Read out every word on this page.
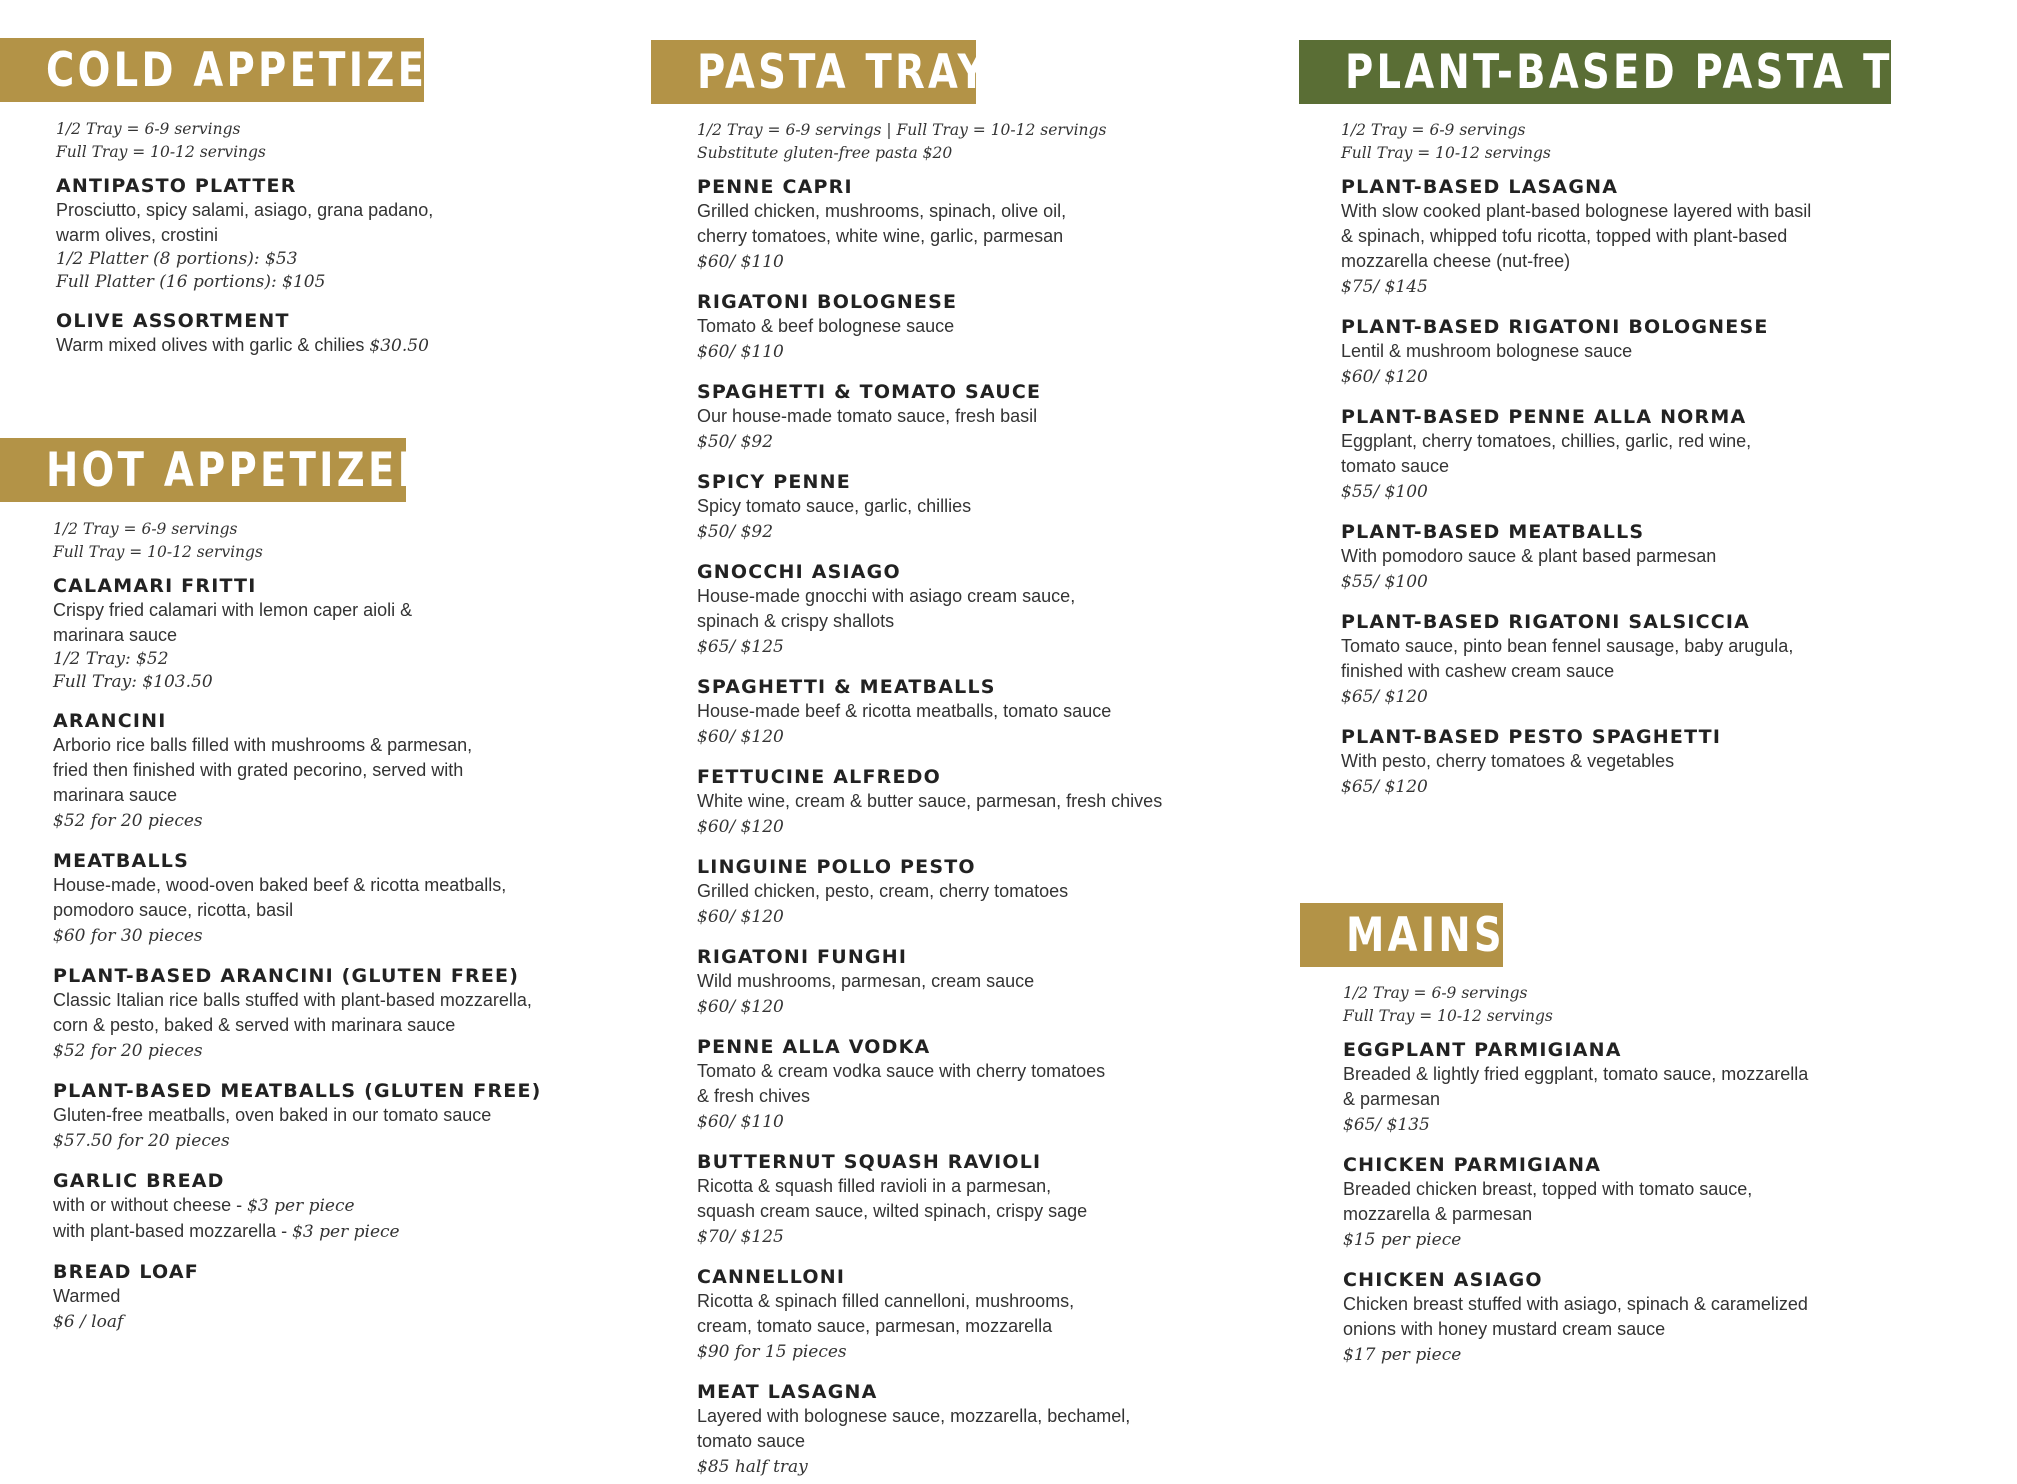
COLD APPETIZERS
HOT APPETIZERS
PASTA TRAYS	PLANT-BASED PASTA TRAYS
MAINS
1/2 Tray = 6-9 servings
Full Tray = 10-12 servings
ANTIPASTO PLATTER
Prosciutto, spicy salami, asiago, grana padano,
warm olives, crostini
1/2 Platter (8 portions): $53
Full Platter (16 portions): $105
OLIVE ASSORTMENT
Warm mixed olives with garlic & chilies $30.50
1/2 Tray = 6-9 servings
Full Tray = 10-12 servings
CALAMARI FRITTI
Crispy fried calamari with lemon caper aioli &
marinara sauce
1/2 Tray: $52
Full Tray: $103.50
ARANCINI
Arborio rice balls filled with mushrooms & parmesan,
fried then finished with grated pecorino, served with
marinara sauce
$52 for 20 pieces
MEATBALLS
House-made, wood-oven baked beef & ricotta meatballs,
pomodoro sauce, ricotta, basil
$60 for 30 pieces
PLANT-BASED ARANCINI (GLUTEN FREE)
Classic Italian rice balls stuffed with plant-based mozzarella,
corn & pesto, baked & served with marinara sauce
$52 for 20 pieces
PLANT-BASED MEATBALLS (GLUTEN FREE)
Gluten-free meatballs, oven baked in our tomato sauce
$57.50 for 20 pieces
GARLIC BREAD
with or without cheese - $3 per piece
with plant-based mozzarella - $3 per piece
BREAD LOAF
Warmed
$6 / loaf
1/2 Tray = 6-9 servings | Full Tray = 10-12 servings
Substitute gluten-free pasta $20
PENNE CAPRI
Grilled chicken, mushrooms, spinach, olive oil,
cherry tomatoes, white wine, garlic, parmesan
$60/ $110
RIGATONI BOLOGNESE
Tomato & beef bolognese sauce
$60/ $110
SPAGHETTI & TOMATO SAUCE
Our house-made tomato sauce, fresh basil
$50/ $92
SPICY PENNE
Spicy tomato sauce, garlic, chillies
$50/ $92
GNOCCHI ASIAGO
House-made gnocchi with asiago cream sauce,
spinach & crispy shallots
$65/ $125
SPAGHETTI & MEATBALLS
House-made beef & ricotta meatballs, tomato sauce
$60/ $120
FETTUCINE ALFREDO
White wine, cream & butter sauce, parmesan, fresh chives
$60/ $120
LINGUINE POLLO PESTO
Grilled chicken, pesto, cream, cherry tomatoes
$60/ $120
RIGATONI FUNGHI
Wild mushrooms, parmesan, cream sauce
$60/ $120
PENNE ALLA VODKA
Tomato & cream vodka sauce with cherry tomatoes
& fresh chives
$60/ $110
BUTTERNUT SQUASH RAVIOLI
Ricotta & squash filled ravioli in a parmesan,
squash cream sauce, wilted spinach, crispy sage
$70/ $125
CANNELLONI
Ricotta & spinach filled cannelloni, mushrooms,
cream, tomato sauce, parmesan, mozzarella
$90 for 15 pieces
MEAT LASAGNA
Layered with bolognese sauce, mozzarella, bechamel,
tomato sauce
$85 half tray
1/2 Tray = 6-9 servings
Full Tray = 10-12 servings
PLANT-BASED LASAGNA
With slow cooked plant-based bolognese layered with basil
& spinach, whipped tofu ricotta, topped with plant-based
mozzarella cheese (nut-free)
$75/ $145
PLANT-BASED RIGATONI BOLOGNESE
Lentil & mushroom bolognese sauce
$60/ $120
PLANT-BASED PENNE ALLA NORMA
Eggplant, cherry tomatoes, chillies, garlic, red wine,
tomato sauce
$55/ $100
PLANT-BASED MEATBALLS
With pomodoro sauce & plant based parmesan
$55/ $100
PLANT-BASED RIGATONI SALSICCIA
Tomato sauce, pinto bean fennel sausage, baby arugula,
finished with cashew cream sauce
$65/ $120
PLANT-BASED PESTO SPAGHETTI
With pesto, cherry tomatoes & vegetables
$65/ $120
1/2 Tray = 6-9 servings
Full Tray = 10-12 servings
EGGPLANT PARMIGIANA
Breaded & lightly fried eggplant, tomato sauce, mozzarella
& parmesan
$65/ $135
CHICKEN PARMIGIANA
Breaded chicken breast, topped with tomato sauce,
mozzarella & parmesan
$15 per piece
CHICKEN ASIAGO
Chicken breast stuffed with asiago, spinach & caramelized
onions with honey mustard cream sauce
$17 per piece
